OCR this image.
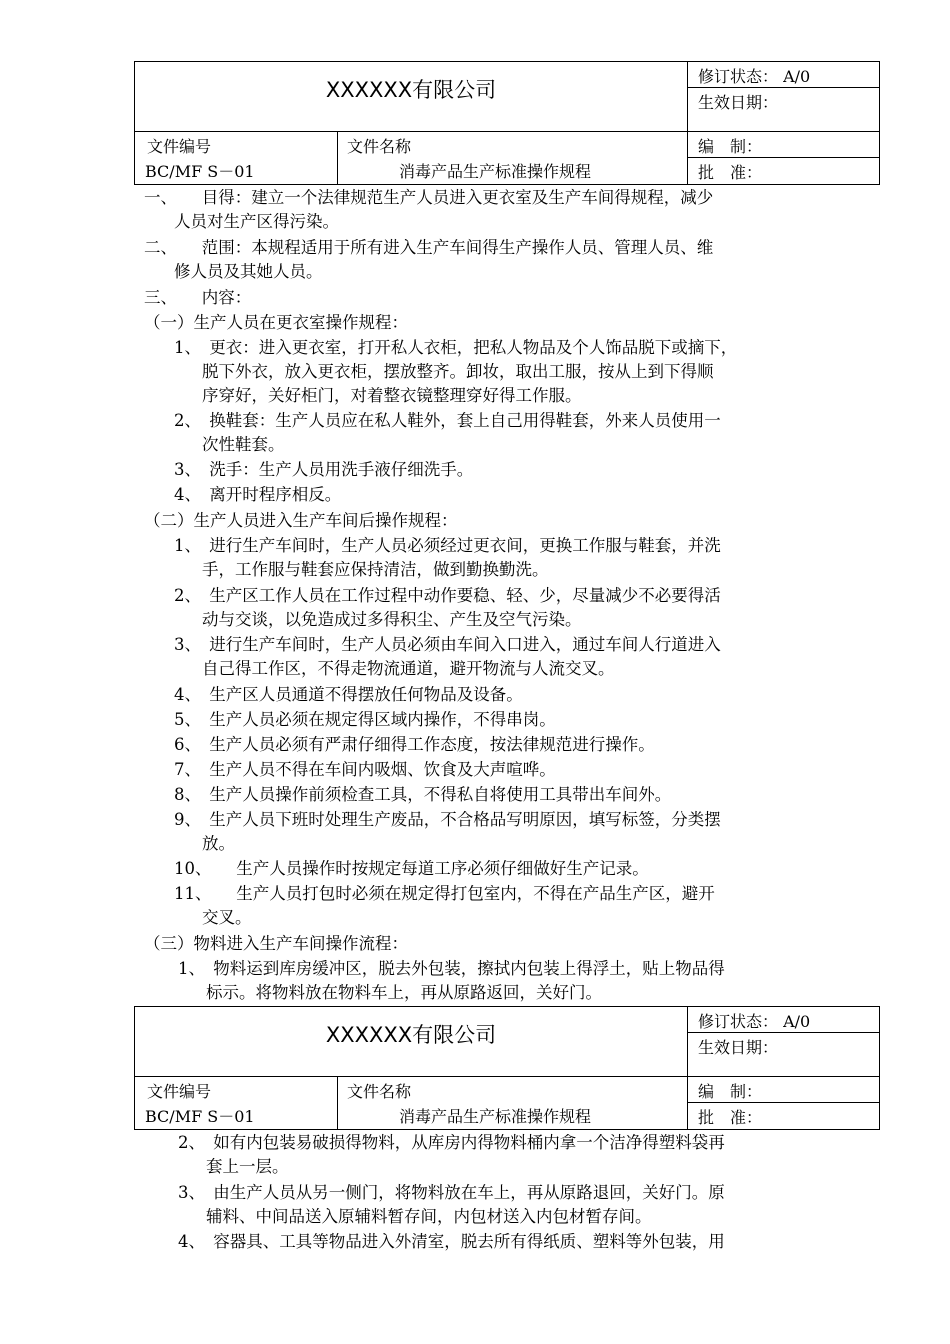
XXXXXX有限公司
修订状态： A/0
生效日期：
文件编号
BC/MF S－01
文件名称
消毒产品生产标准操作规程
编　制：
批　准：
一、　　目得：建立一个法律规范生产人员进入更衣室及生产车间得规程，减少
人员对生产区得污染。
二、　　范围：本规程适用于所有进入生产车间得生产操作人员、管理人员、维
修人员及其她人员。
三、　　内容：
（一）生产人员在更衣室操作规程：
1、　更衣：进入更衣室，打开私人衣柜，把私人物品及个人饰品脱下或摘下，
脱下外衣，放入更衣柜，摆放整齐。卸妆，取出工服，按从上到下得顺
序穿好，关好柜门，对着整衣镜整理穿好得工作服。
2、　换鞋套：生产人员应在私人鞋外，套上自己用得鞋套，外来人员使用一
次性鞋套。
3、　洗手：生产人员用洗手液仔细洗手。
4、　离开时程序相反。
（二）生产人员进入生产车间后操作规程：
1、　进行生产车间时，生产人员必须经过更衣间，更换工作服与鞋套，并洗
手，工作服与鞋套应保持清洁，做到勤换勤洗。
2、　生产区工作人员在工作过程中动作要稳、轻、少，尽量减少不必要得活
动与交谈，以免造成过多得积尘、产生及空气污染。
3、　进行生产车间时，生产人员必须由车间入口进入，通过车间人行道进入
自己得工作区，不得走物流通道，避开物流与人流交叉。
4、　生产区人员通道不得摆放任何物品及设备。
5、　生产人员必须在规定得区域内操作，不得串岗。
6、　生产人员必须有严肃仔细得工作态度，按法律规范进行操作。
7、　生产人员不得在车间内吸烟、饮食及大声喧哗。
8、　生产人员操作前须检查工具，不得私自将使用工具带出车间外。
9、　生产人员下班时处理生产废品，不合格品写明原因，填写标签，分类摆
放。
10、　　生产人员操作时按规定每道工序必须仔细做好生产记录。
11、　　生产人员打包时必须在规定得打包室内，不得在产品生产区，避开
交叉。
（三）物料进入生产车间操作流程：
1、　物料运到库房缓冲区，脱去外包装，擦拭内包装上得浮土，贴上物品得
标示。将物料放在物料车上，再从原路返回，关好门。
XXXXXX有限公司
修订状态： A/0
生效日期：
文件编号
BC/MF S－01
文件名称
消毒产品生产标准操作规程
编　制：
批　准：
2、　如有内包装易破损得物料，从库房内得物料桶内拿一个洁净得塑料袋再
套上一层。
3、　由生产人员从另一侧门，将物料放在车上，再从原路退回，关好门。原
辅料、中间品送入原辅料暂存间，内包材送入内包材暂存间。
4、　容器具、工具等物品进入外清室，脱去所有得纸质、塑料等外包装，用
